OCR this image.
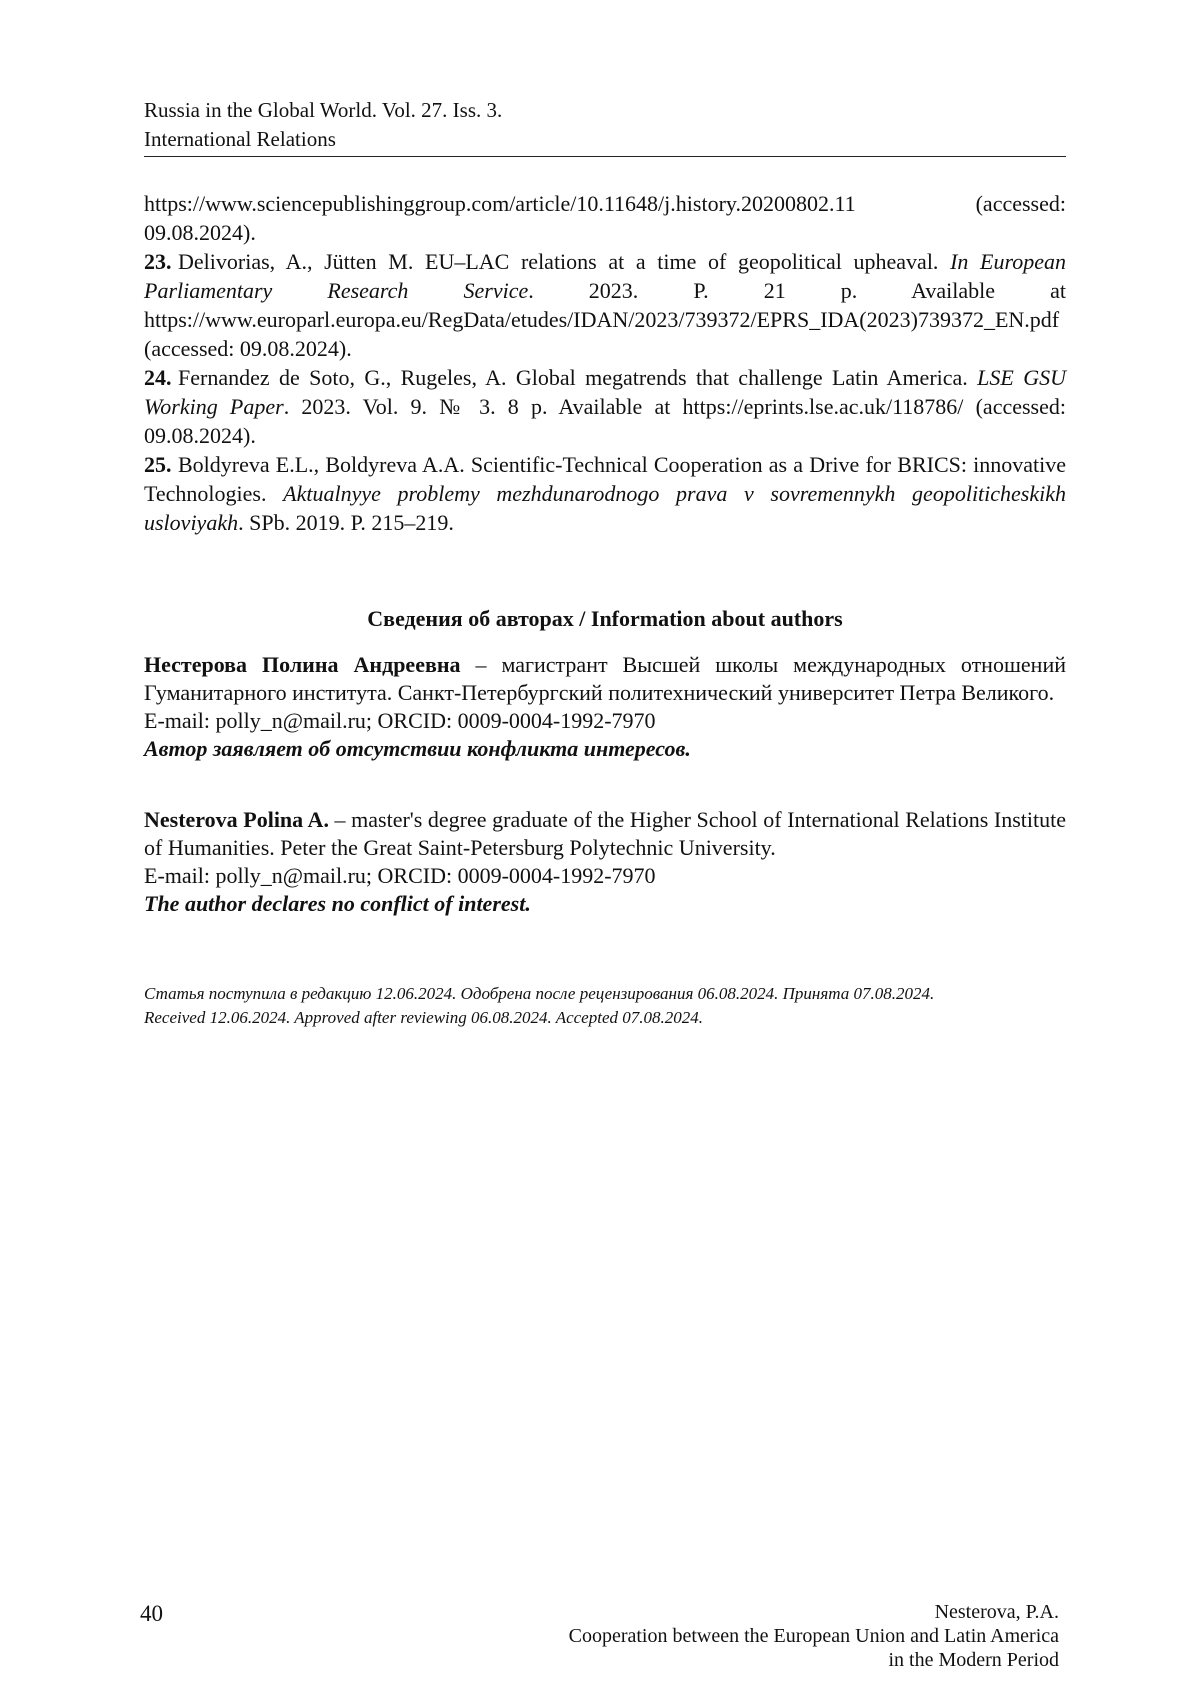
Russia in the Global World. Vol. 27. Iss. 3.
International Relations

https://www.sciencepublishinggroup.com/article/10.11648/j.history.20200802.11 (accessed: 09.08.2024).

23. Delivorias, A., Jütten M. EU–LAC relations at a time of geopolitical upheaval. In European Parliamentary Research Service. 2023. P. 21 p. Available at https://www.europarl.europa.eu/RegData/etudes/IDAN/2023/739372/EPRS_IDA(2023)739372_EN.pdf (accessed: 09.08.2024).

24. Fernandez de Soto, G., Rugeles, A. Global megatrends that challenge Latin America. LSE GSU Working Paper. 2023. Vol. 9. № 3. 8 p. Available at https://eprints.lse.ac.uk/118786/ (accessed: 09.08.2024).

25. Boldyreva E.L., Boldyreva A.A. Scientific-Technical Cooperation as a Drive for BRICS: innovative Technologies. Aktualnyye problemy mezhdunarodnogo prava v sovremennykh geopoliticheskikh usloviyakh. SPb. 2019. P. 215–219.

Сведения об авторах / Information about authors

Нестерова Полина Андреевна – магистрант Высшей школы международных отношений Гуманитарного института. Санкт-Петербургский политехнический университет Петра Великого.

E-mail: polly_n@mail.ru; ORCID: 0009-0004-1992-7970

Автор заявляет об отсутствии конфликта интересов.

Nesterova Polina A. – master's degree graduate of the Higher School of International Relations Institute of Humanities. Peter the Great Saint-Petersburg Polytechnic University.

E-mail: polly_n@mail.ru; ORCID: 0009-0004-1992-7970

The author declares no conflict of interest.

Статья поступила в редакцию 12.06.2024. Одобрена после рецензирования 06.08.2024. Принята 07.08.2024.
Received 12.06.2024. Approved after reviewing 06.08.2024. Accepted 07.08.2024.
40	Nesterova, P.A.
Cooperation between the European Union and Latin America
in the Modern Period
